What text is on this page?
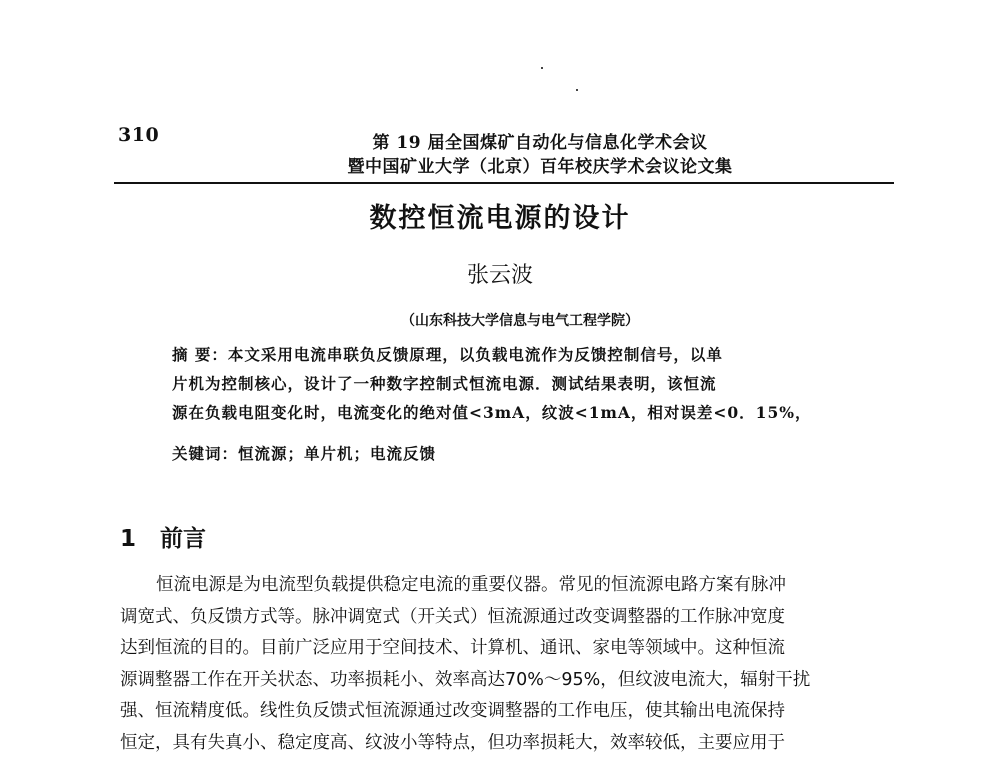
310	第 19 届全国煤矿自动化与信息化学术会议
暨中国矿业大学（北京）百年校庆学术会议论文集
数控恒流电源的设计
张云波
（山东科技大学信息与电气工程学院）
摘 要：本文采用电流串联负反馈原理，以负载电流作为反馈控制信号，以单
片机为控制核心，设计了一种数字控制式恒流电源．测试结果表明，该恒流
源在负载电阻变化时，电流变化的绝对值<3mA，纹波<1mA，相对误差<0．15%，
关键词：恒流源；单片机；电流反馈
1 前言
恒流电源是为电流型负载提供稳定电流的重要仪器。常见的恒流源电路方案有脉冲
调宽式、负反馈方式等。脉冲调宽式（开关式）恒流源通过改变调整器的工作脉冲宽度
达到恒流的目的。目前广泛应用于空间技术、计算机、通讯、家电等领域中。这种恒流
源调整器工作在开关状态、功率损耗小、效率高达70%～95%，但纹波电流大，辐射干扰
强、恒流精度低。线性负反馈式恒流源通过改变调整器的工作电压，使其输出电流保持
恒定，具有失真小、稳定度高、纹波小等特点，但功率损耗大，效率较低，主要应用于
